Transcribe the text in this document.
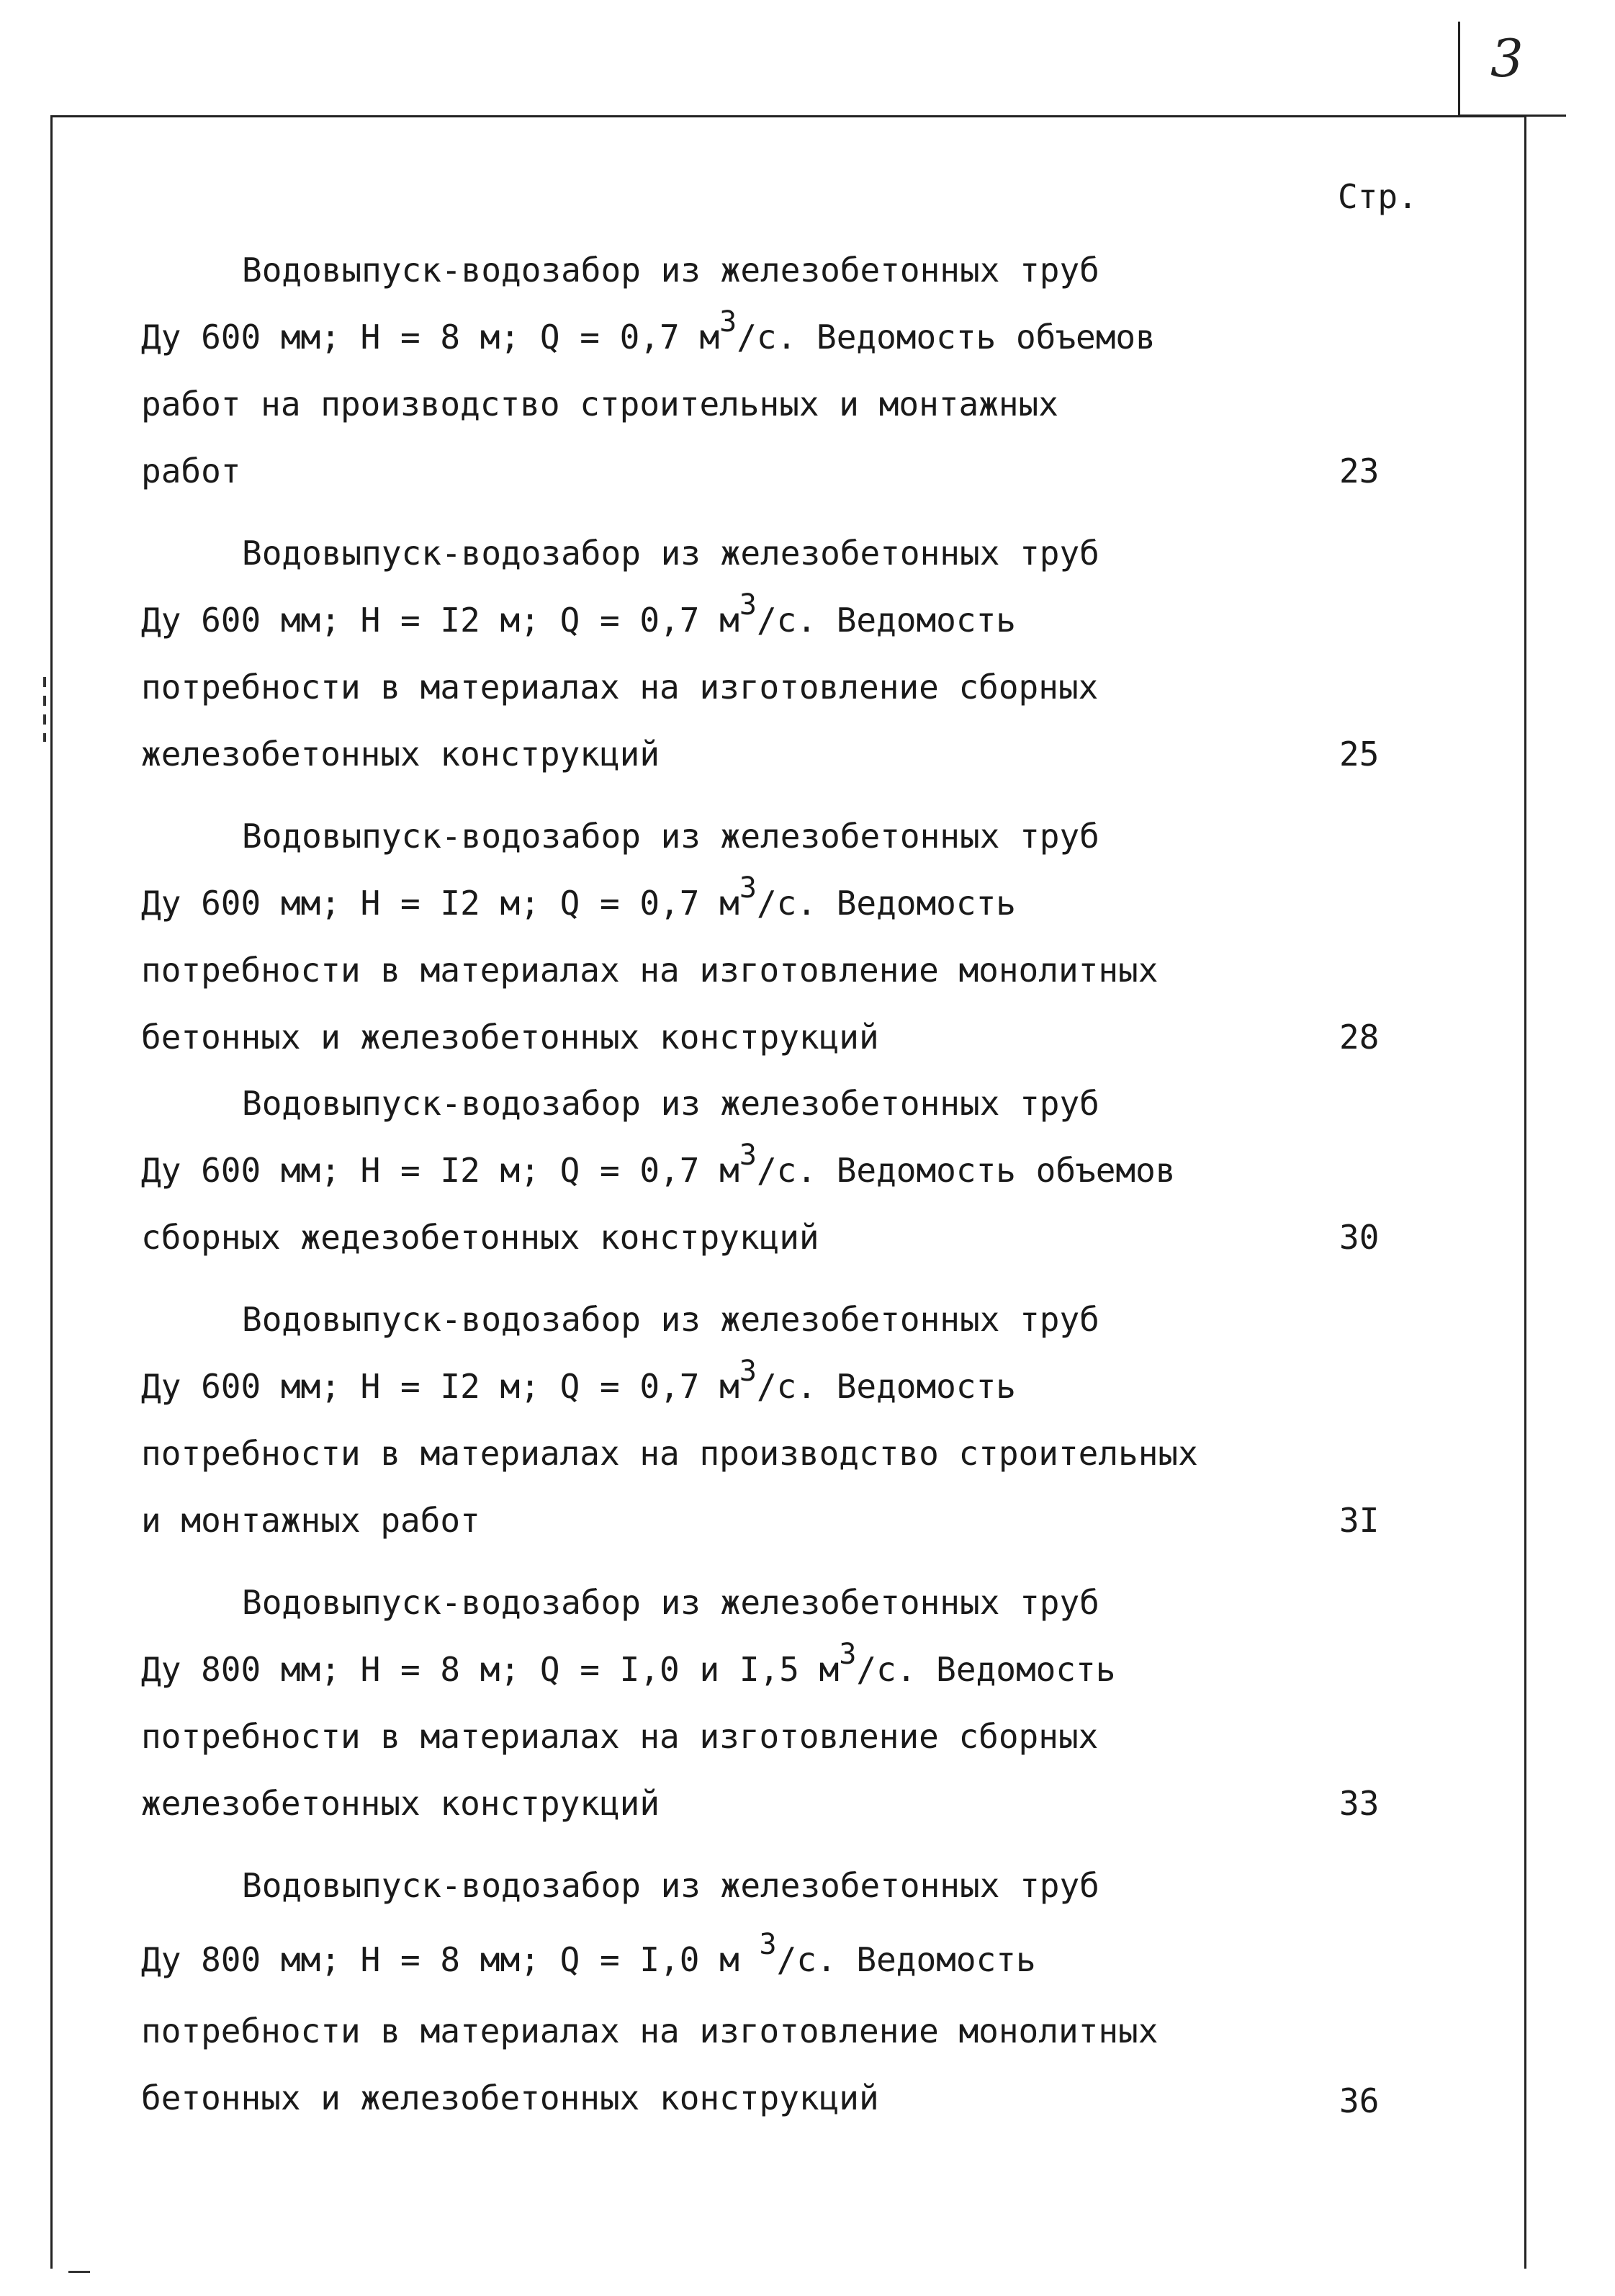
3
Стр.
Водовыпуск-водозабор из железобетонных труб
Ду 600 мм; Н = 8 м; Q = 0,7 $м^3/с$. Ведомость объемов
работ на производство строительных и монтажных
работ	23
Водовыпуск-водозабор из железобетонных труб
Ду 600 мм; Н = I2 м; Q = 0,7 $м^3/с$. Ведомость
потребности в материалах на изготовление сборных
железобетонных конструкций	25
Водовыпуск-водозабор из железобетонных труб
Ду 600 мм; Н = I2 м; Q = 0,7 $м^3/с$. Ведомость
потребности в материалах на изготовление монолитных
бетонных и железобетонных конструкций	28
Водовыпуск-водозабор из железобетонных труб
Ду 600 мм; Н = I2 м; Q = 0,7 $м^3/с$. Ведомость объемов
сборных жедезобетонных конструкций	30
Водовыпуск-водозабор из железобетонных труб
Ду 600 мм; Н = I2 м; Q = 0,7 $м^3/с$. Ведомость
потребности в материалах на производство строительных
и монтажных работ	3I
Водовыпуск-водозабор из железобетонных труб
Ду 800 мм; Н = 8 м; Q = I,0 и I,5 $м^3/с$. Ведомость
потребности в материалах на изготовление сборных
железобетонных конструкций	33
Водовыпуск-водозабор из железобетонных труб
Ду 800 мм; Н = 8 мм; Q = I,0 м $^3$/с. Ведомость
потребности в материалах на изготовление монолитных
бетонных и железобетонных конструкций	36
